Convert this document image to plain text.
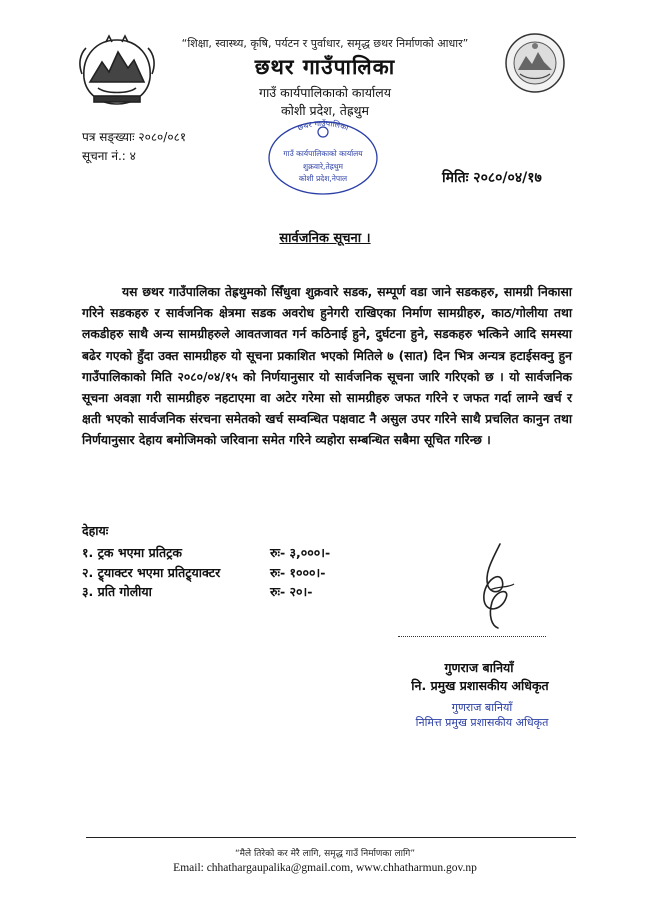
“शिक्षा, स्वास्थ्य, कृषि, पर्यटन र पुर्वाधार, समृद्ध छथर निर्माणको आधार”
छथर गाउँपालिका
गाउँ कार्यपालिकाको कार्यालय
कोशी प्रदेश, तेह्रथुम
पत्र सङ्ख्याः २०८०/०८१
सूचना नं.: ४
छथर गाउँपालिका
गाउँ कार्यपालिकाको कार्यालय
शुक्रवारे,तेह्रथुम
कोशी प्रदेश,नेपाल	मितिः २०८०/०४/१७
सार्वजनिक सूचना ।
यस छथर गाउँपालिका तेह्रथुमको सिँधुवा शुक्रवारे सडक, सम्पूर्ण वडा जाने सडकहरु, सामग्री निकासा गरिने सडकहरु र सार्वजनिक क्षेत्रमा सडक अवरोध हुनेगरी राखिएका निर्माण सामग्रीहरु, काठ/गोलीया तथा लकडीहरु साथै अन्य सामग्रीहरुले आवतजावत गर्न कठिनाई हुने, दुर्घटना हुने, सडकहरु भत्किने आदि समस्या बढेर गएको हुँदा उक्त सामग्रीहरु यो सूचना प्रकाशित भएको मितिले ७ (सात) दिन भित्र अन्यत्र हटाईसक्नु हुन गाउँपालिकाको मिति २०८०/०४/१५ को निर्णयानुसार यो सार्वजनिक सूचना जारि गरिएको छ । यो सार्वजनिक सूचना अवज्ञा गरी सामग्रीहरु नहटाएमा वा अटेर गरेमा सो सामग्रीहरु जफत गरिने र जफत गर्दा लाग्ने खर्च र क्षती भएको सार्वजनिक संरचना समेतको खर्च सम्वन्धित पक्षवाट नै असुल उपर गरिने साथै प्रचलित कानुन तथा निर्णयानुसार देहाय बमोजिमको जरिवाना समेत गरिने व्यहोरा सम्बन्धित सबैमा सूचित गरिन्छ ।
देहायः
१. ट्रक भएमा प्रतिट्रक	रुः- ३,०००।-
२. ट्र्याक्टर भएमा प्रतिट्र्याक्टर	रुः- १०००।-
३. प्रति गोलीया	रुः- २०।-
गुणराज बानियाँ
नि. प्रमुख प्रशासकीय अधिकृत
गुणराज बानियाँ
निमित्त प्रमुख प्रशासकीय अधिकृत
“मैले तिरेको कर मेरै लागि, समृद्ध गाउँ निर्माणका लागि”
Email: chhathargaupalika@gmail.com, www.chhatharmun.gov.np
